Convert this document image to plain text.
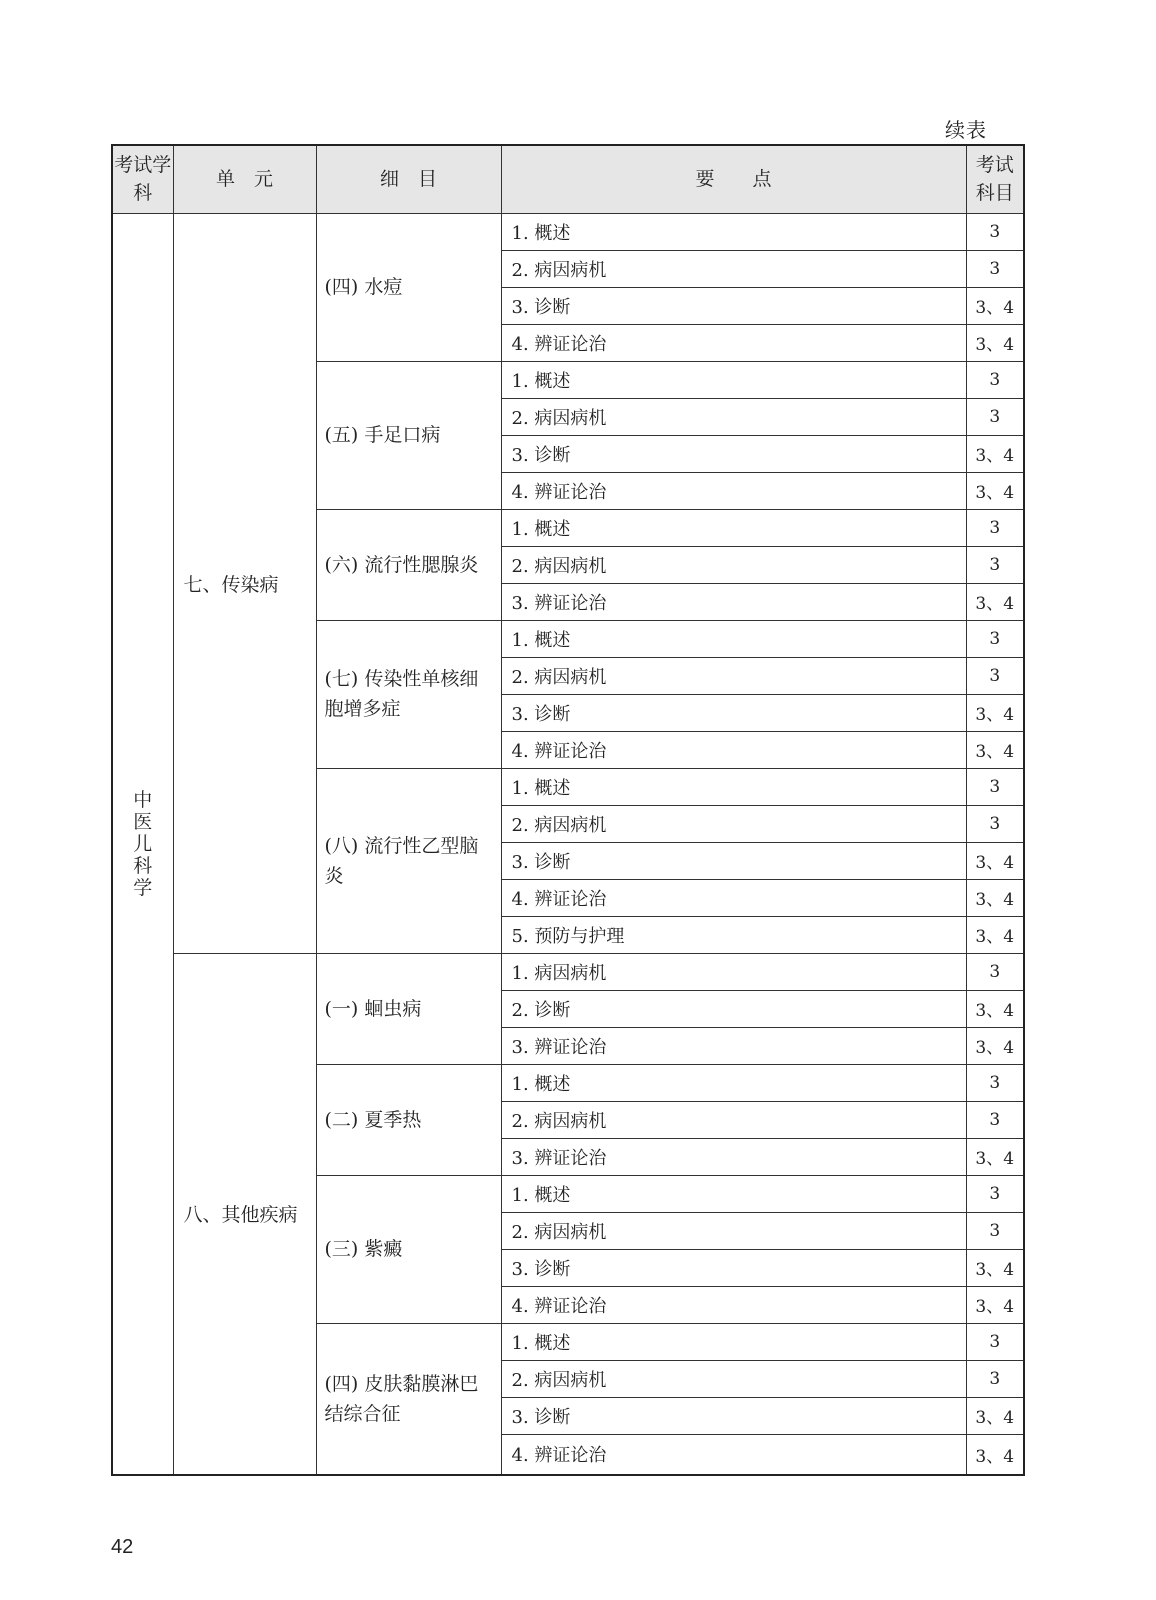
续表
考试学科	单　元	细　目	要　　点	考试科目

中医儿科学	七、传染病	(四) 水痘	1. 概述	3
			2. 病因病机	3
			3. 诊断	3、4
			4. 辨证论治	3、4
		(五) 手足口病	1. 概述	3
			2. 病因病机	3
			3. 诊断	3、4
			4. 辨证论治	3、4
		(六) 流行性腮腺炎	1. 概述	3
			2. 病因病机	3
			3. 辨证论治	3、4
		(七) 传染性单核细胞增多症	1. 概述	3
			2. 病因病机	3
			3. 诊断	3、4
			4. 辨证论治	3、4
		(八) 流行性乙型脑炎	1. 概述	3
			2. 病因病机	3
			3. 诊断	3、4
			4. 辨证论治	3、4
			5. 预防与护理	3、4
	八、其他疾病	(一) 蛔虫病	1. 病因病机	3
			2. 诊断	3、4
			3. 辨证论治	3、4
		(二) 夏季热	1. 概述	3
			2. 病因病机	3
			3. 辨证论治	3、4
		(三) 紫癜	1. 概述	3
			2. 病因病机	3
			3. 诊断	3、4
			4. 辨证论治	3、4
		(四) 皮肤黏膜淋巴结综合征	1. 概述	3
			2. 病因病机	3
			3. 诊断	3、4
			4. 辨证论治	3、4
42
